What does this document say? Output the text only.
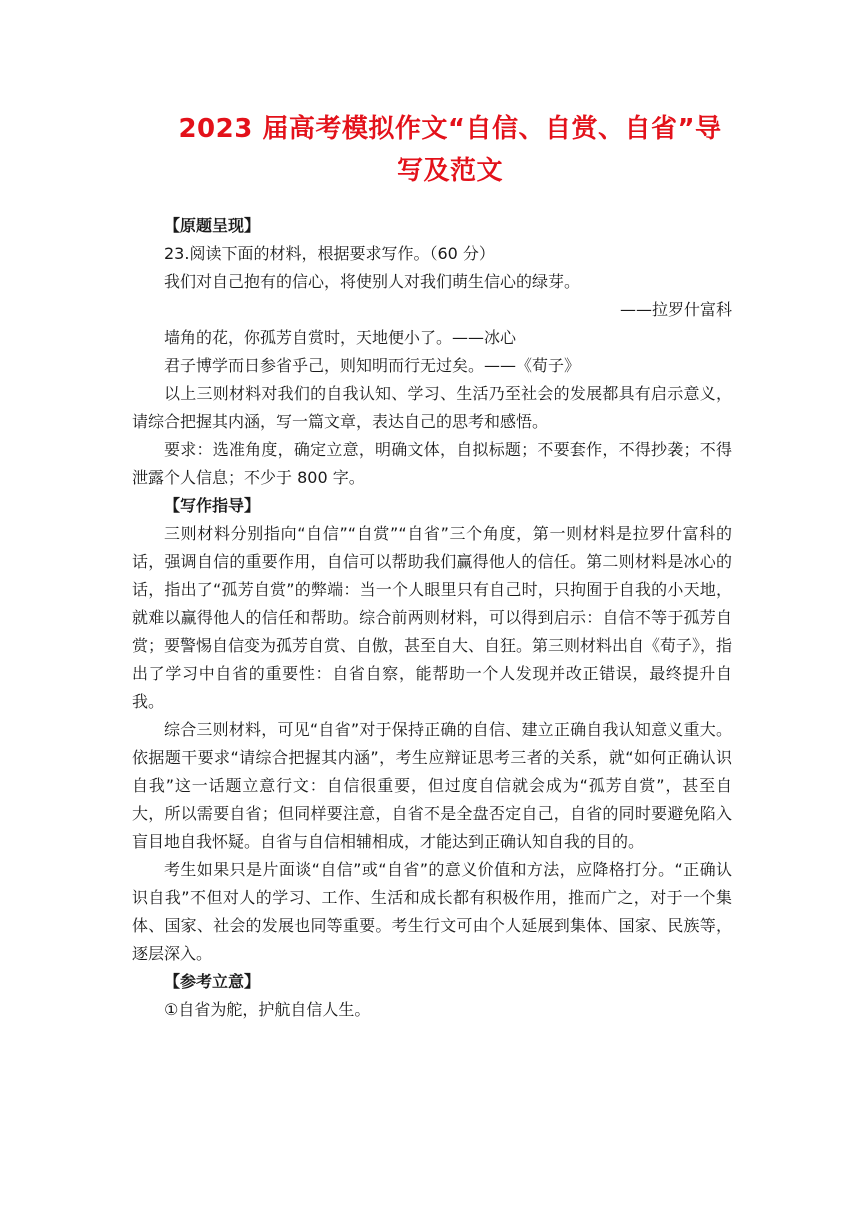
2023 届高考模拟作文“自信、自赏、自省”导
写及范文

【原题呈现】

23.阅读下面的材料，根据要求写作。（60 分）

我们对自己抱有的信心，将使别人对我们萌生信心的绿芽。

——拉罗什富科

墙角的花，你孤芳自赏时，天地便小了。——冰心

君子博学而日参省乎己，则知明而行无过矣。——《荀子》

以上三则材料对我们的自我认知、学习、生活乃至社会的发展都具有启示意义，请综合把握其内涵，写一篇文章，表达自己的思考和感悟。

要求：选准角度，确定立意，明确文体，自拟标题；不要套作，不得抄袭；不得泄露个人信息；不少于 800 字。

【写作指导】

三则材料分别指向“自信”“自赏”“自省”三个角度，第一则材料是拉罗什富科的话，强调自信的重要作用，自信可以帮助我们赢得他人的信任。第二则材料是冰心的话，指出了“孤芳自赏”的弊端：当一个人眼里只有自己时，只拘囿于自我的小天地，就难以赢得他人的信任和帮助。综合前两则材料，可以得到启示：自信不等于孤芳自赏；要警惕自信变为孤芳自赏、自傲，甚至自大、自狂。第三则材料出自《荀子》，指出了学习中自省的重要性：自省自察，能帮助一个人发现并改正错误，最终提升自我。

综合三则材料，可见“自省”对于保持正确的自信、建立正确自我认知意义重大。依据题干要求“请综合把握其内涵”，考生应辩证思考三者的关系，就“如何正确认识自我”这一话题立意行文：自信很重要，但过度自信就会成为“孤芳自赏”，甚至自大，所以需要自省；但同样要注意，自省不是全盘否定自己，自省的同时要避免陷入盲目地自我怀疑。自省与自信相辅相成，才能达到正确认知自我的目的。

考生如果只是片面谈“自信”或“自省”的意义价值和方法，应降格打分。“正确认识自我”不但对人的学习、工作、生活和成长都有积极作用，推而广之，对于一个集体、国家、社会的发展也同等重要。考生行文可由个人延展到集体、国家、民族等，逐层深入。

【参考立意】

①自省为舵，护航自信人生。
